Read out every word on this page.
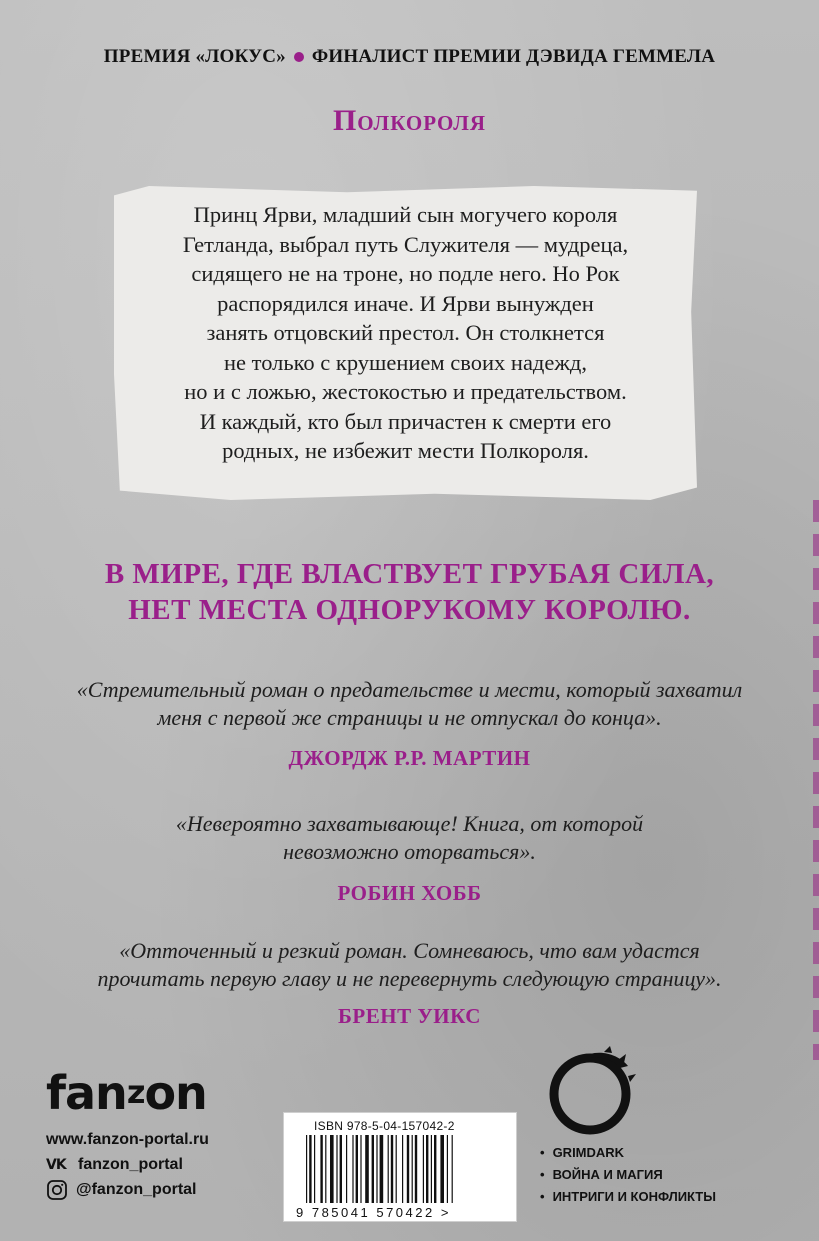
ПРЕМИЯ «ЛОКУС» ФИНАЛИСТ ПРЕМИИ ДЭВИДА ГЕММЕЛА
Полкороля
Принц Ярви, младший сын могучего короля
Гетланда, выбрал путь Служителя — мудреца,
сидящего не на троне, но подле него. Но Рок
распорядился иначе. И Ярви вынужден
занять отцовский престол. Он столкнется
не только с крушением своих надежд,
но и с ложью, жестокостью и предательством.
И каждый, кто был причастен к смерти его
родных, не избежит мести Полкороля.
В МИРЕ, ГДЕ ВЛАСТВУЕТ ГРУБАЯ СИЛА,
НЕТ МЕСТА ОДНОРУКОМУ КОРОЛЮ.
«Стремительный роман о предательстве и мести, который захватил
меня с первой же страницы и не отпускал до конца».
ДЖОРДЖ Р.Р. МАРТИН
«Невероятно захватывающе! Книга, от которой
невозможно оторваться».
РОБИН ХОББ
«Отточенный и резкий роман. Сомневаюсь, что вам удастся
прочитать первую главу и не перевернуть следующую страницу».
БРЕНТ УИКС
fanzon
www.fanzon-portal.ru
VK fanzon_portal
@fanzon_portal
ISBN 978-5-04-157042-2
9 785041 570422 >
• GRIMDARK
• ВОЙНА И МАГИЯ
• ИНТРИГИ И КОНФЛИКТЫ
